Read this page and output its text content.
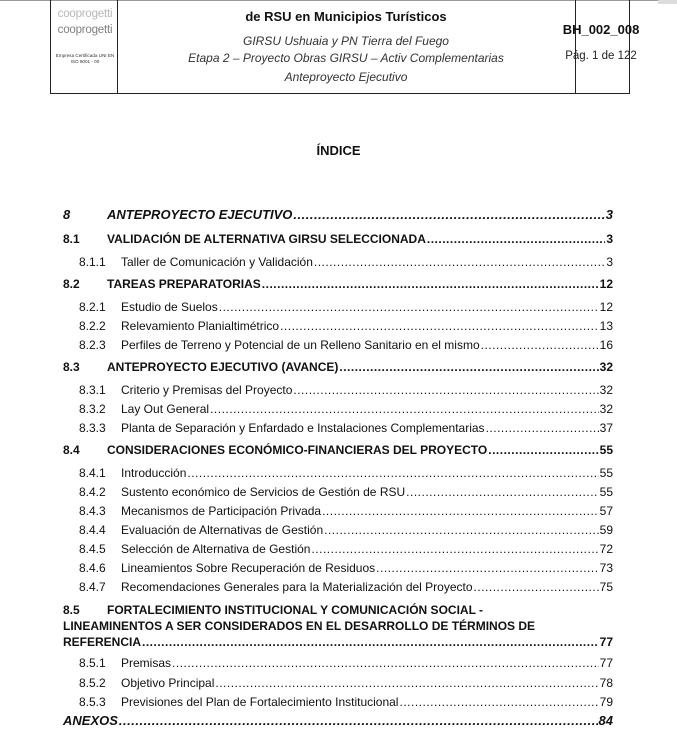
cooprogetti
cooprogetti
Empresa Certificada UNI EN ISO 9001 - 00
de RSU en Municipios Turísticos
GIRSU Ushuaia y PN Tierra del Fuego
Etapa 2 – Proyecto Obras GIRSU – Activ Complementarias
Anteproyecto Ejecutivo
BH_002_008
Pág. 1 de 122
ÍNDICE
8	ANTEPROYECTO EJECUTIVO .....	3
8.1	VALIDACIÓN DE ALTERNATIVA GIRSU SELECCIONADA .....	3
8.1.1	Taller de Comunicación y Validación .....	3
8.2	TAREAS PREPARATORIAS .....	12
8.2.1	Estudio de Suelos .....	12
8.2.2	Relevamiento Planialtimétrico .....	13
8.2.3	Perfiles de Terreno y Potencial de un Relleno Sanitario en el mismo .....	16
8.3	ANTEPROYECTO EJECUTIVO (AVANCE) .....	32
8.3.1	Criterio y Premisas del Proyecto .....	32
8.3.2	Lay Out General .....	32
8.3.3	Planta de Separación y Enfardado e Instalaciones Complementarias .....	37
8.4	CONSIDERACIONES ECONÓMICO-FINANCIERAS DEL PROYECTO .....	55
8.4.1	Introducción .....	55
8.4.2	Sustento económico de Servicios de Gestión de RSU .....	55
8.4.3	Mecanismos de Participación Privada .....	57
8.4.4	Evaluación de Alternativas de Gestión .....	59
8.4.5	Selección de Alternativa de Gestión .....	72
8.4.6	Lineamientos Sobre Recuperación de Residuos .....	73
8.4.7	Recomendaciones Generales para la Materialización del Proyecto .....	75
8.5 FORTALECIMIENTO INSTITUCIONAL Y COMUNICACIÓN SOCIAL -
LINEAMINENTOS A SER CONSIDERADOS EN EL DESARROLLO DE TÉRMINOS DE
REFERENCIA .....	77
8.5.1	Premisas .....	77
8.5.2	Objetivo Principal .....	78
8.5.3	Previsiones del Plan de Fortalecimiento Institucional .....	79
ANEXOS .....	84
